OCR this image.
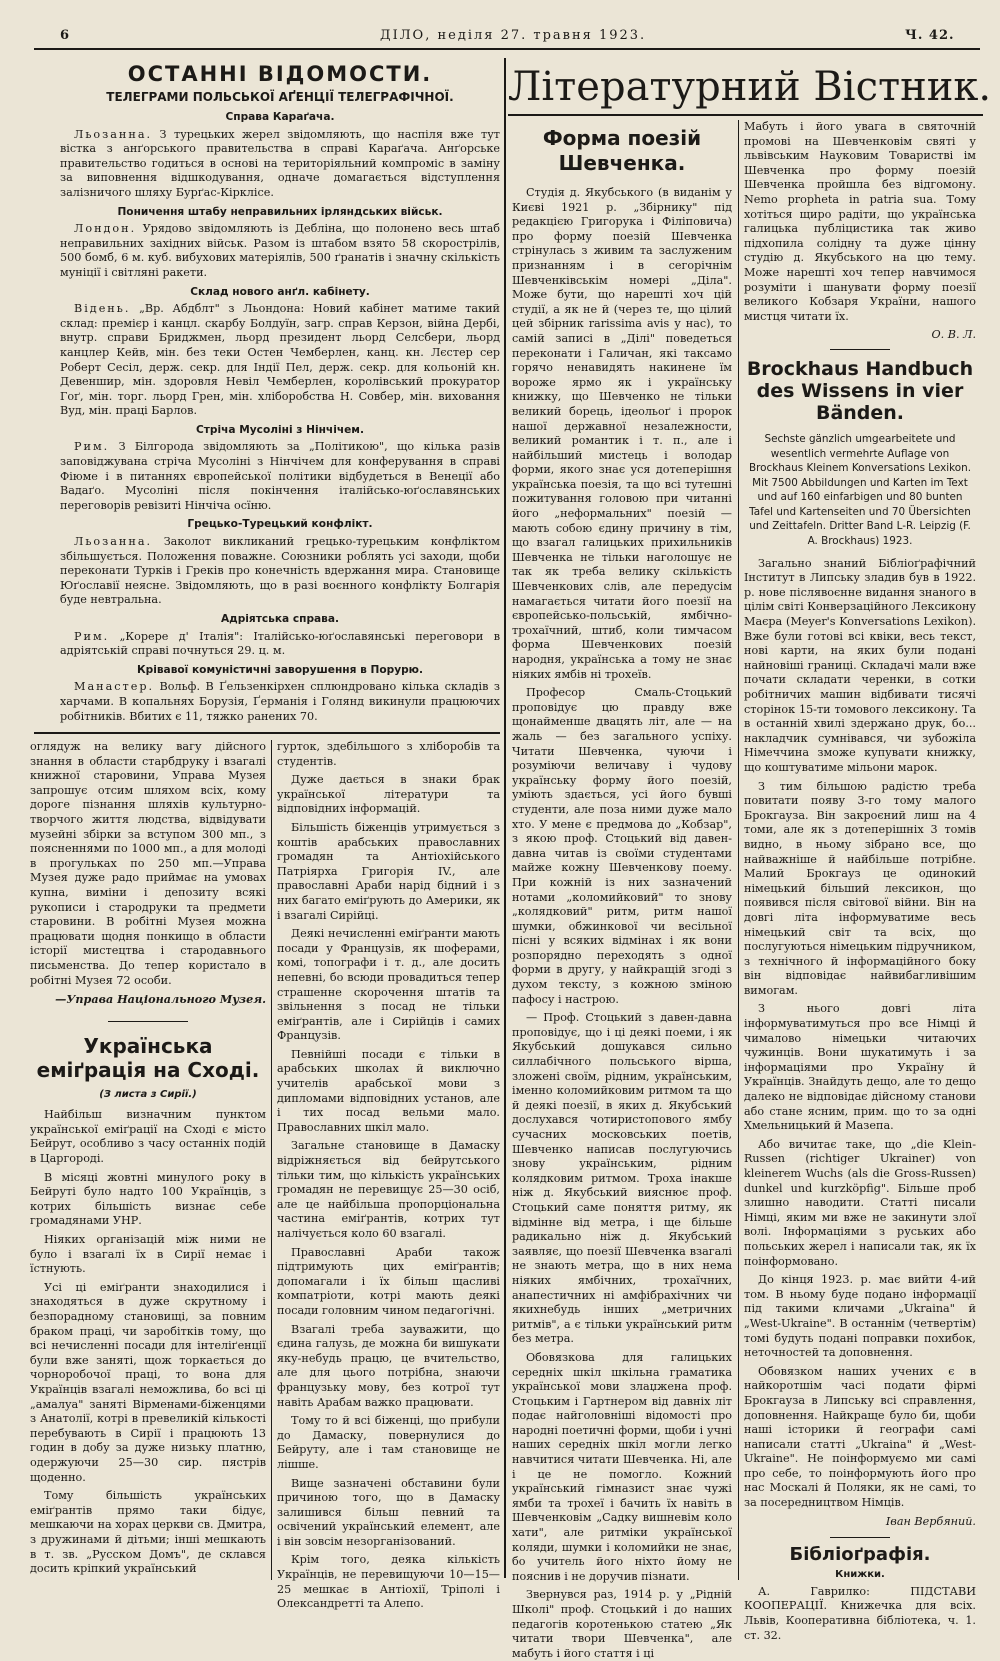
6	ДІЛО, неділя 27. травня 1923.	Ч. 42.
ОСТАННІ ВІДОМОСТИ.
ТЕЛЕГРАМИ ПОЛЬСЬКОЇ АҐЕНЦІЇ ТЕЛЕГРАФІЧНОЇ.
Справа Караґача.

Льозанна. З турецьких жерел звідомляють, що наспіля вже тут вістка з анґорського правительства в справі Караґача. Анґорське правительство годиться в основі на територіяльний компроміс в заміну за виповнення відшкодування, одначе домагається відступлення залізничого шляху Бурґас-Кірклісе.

Поничення штабу неправильних ірляндських військ.

Лондон. Урядово звідомляють із Дебліна, що полонено весь штаб неправильних західних військ. Разом із штабом взято 58 скорострілів, 500 бомб, 6 м. куб. вибухових матеріялів, 500 ґранатів і значну скількість муніції і світляні ракети.

Склад нового анґл. кабінету.

Відень. „Вр. Абдблт" з Льондона: Новий кабінет матиме такий склад: премієр і канцл. скарбу Болдуїн, загр. справ Керзон, війна Дербі, внутр. справи Бриджмен, льорд президент льорд Селсбери, льорд канцлер Кейв, мін. без теки Остен Чемберлен, канц. кн. Лєстер сер Роберт Сесіл, держ. секр. для Індії Пел, держ. секр. для кольоній кн. Девеншир, мін. здоровля Невіл Чемберлен, королівський прокуратор Гоґ, мін. торг. льорд Грен, мін. хліборобства Н. Совбер, мін. виховання Вуд, мін. праці Барлов.

Стріча Мусоліні з Нінчічем.

Рим. З Білгорода звідомляють за „Політикою", що кілька разів заповіджувана стріча Мусоліні з Нінчічем для конферування в справі Фіюме і в питаннях європейської політики відбудеться в Венеції або Вадаґо. Мусоліні після покінчення італійсько-юґославянських переговорів ревізиті Нінчіча осїню.

Грецько-Турецький конфлікт.

Льозанна. Заколот викликаний грецько-турецьким конфліктом збільшується. Положення поважне. Союзники роблять усі заходи, щоби переконати Турків і Греків про конечність вдержання мира. Становище Юґославії неясне. Звідомляють, що в разі воєнного конфлікту Болгарія буде невтральна.

Адріятська справа.

Рим. „Корере д' Італія": Італійсько-юґославянські переговори в адріятській справі почнуться 29. ц. м.

Крівавої комуністичні заворушення в Порурю.

Манастер. Вольф. В Ґельзенкірхен сплюндровано кілька складів з харчами. В копальнях Борузія, Ґерманія і Голянд викинули працюючих робітників. Вбитих є 11, тяжко ранених 70.

оглядуж на велику вагу дійсного знання в области старбдруку і взагалі книжної старовини, Управа Музея запрошує отсим шляхом всіх, кому дороге пізнання шляхів культурно-творчого життя людства, відвідувати музейні збірки за вступом 300 мп., з поясненнями по 1000 мп., а для молоді в прогульках по 250 мп.—Управа Музея дуже радо приймає на умовах купна, виміни і депозиту всякі рукописи і стародруки та предмети старовини. В робітні Музея можна працювати щодня понкищо в области історії мистецтва і стародавнього письменства. До тепер користало в робітні Музея 72 особи.

—Управа Національного Музея.
Українська еміґрація на Сході.
(З листа з Сирії.)

Найбільш визначним пунктом української еміґрації на Сході є місто Бейрут, особливо з часу останніх подій в Царгороді.

В місяці жовтні минулого року в Бейруті було надто 100 Українців, з котрих більшість визнає себе громадянами УНР.

Ніяких організацій між ними не було і взагалі їх в Сирії немає і їстнують.

Усі ці еміґранти знаходилися і знаходяться в дуже скрутному і безпорадному становищі, за повним браком праці, чи заробітків тому, що всі нечисленні посади для інтеліґенції були вже заняті, щож торкається до чорноробочої праці, то вона для Українців взагалі неможлива, бо всі ці „амалуа" заняті Вірменами-біженцями з Анатолії, котрі в превеликій кількості перебувають в Сирії і працюють 13 годин в добу за дуже низьку платню, одержуючи 25—30 сир. пястрів щоденно.

Тому більшість українських еміґрантів прямо таки бідує, мешкаючи на хорах церкви св. Дмитра, з дружинами й дітьми; інші мешкають в т. зв. „Русском Домъ", де склався досить кріпкий український

гурток, здебільшого з хліборобів та студентів.

Дуже дається в знаки брак української літератури та відповідних інформацій.

Більшість біженців утримується з коштів арабських православних громадян та Антіохійського Патріярха Григорія IV., але православні Араби нарід бідний і з них багато еміґрують до Америки, як і взагалі Сирійці.

Деякі нечисленні еміґранти мають посади у Французів, як шоферами, комі, топографи і т. д., але досить непевні, бо всюди провадиться тепер страшенне скорочення штатів та звільнення з посад не тільки еміґрантів, але і Сирійців і самих Французів.

Певнійші посади є тільки в арабських школах й виключно учителів арабської мови з дипломами відповідних установ, але і тих посад вельми мало. Православних шкіл мало.

Загальне становище в Дамаску відріжняється від бейрутського тільки тим, що кількість українських громадян не перевищує 25—30 осіб, але це найбільша пропорціональна частина еміґрантів, котрих тут налічується коло 60 взагалі.

Православні Араби також підтримують цих еміґрантів; допомагали і їх більш щасливі компатріоти, котрі мають деякі посади головним чином педагогічні.

Взагалі треба зауважити, що єдина галузь, де можна би вишукати яку-небудь працю, це вчительство, але для цього потрібна, знаючи французьку мову, без котрої тут навіть Арабам важко працювати.

Тому то й всі біженці, що прибули до Дамаску, повернулися до Бейруту, але і там становище не лішше.

Вище зазначені обставини були причиною того, що в Дамаску залишився більш певний та освічений український елемент, але і він зовсім незорганізований.

Крім того, деяка кількість Українців, не перевищуючи 10—15—25 мешкає в Антіохії, Тріполі і Олександретті та Алепо.

Літературний Вістник.
Форма поезій Шевченка.

Студія д. Якубського (в виданім у Києві 1921 р. „Збірнику" під редакцією Григорука і Філіповича) про форму поезій Шевченка стрінулась з живим та заслуженим признанням і в сегорічнім Шевченківськім номері „Діла". Може бути, що нарешті хоч цій студії, а як не й (через те, що цілий цей збірник rarissima avis у нас), то самій записі в „Ділі" поведеться переконати і Галичан, які таксамо горячо ненавидять накинене їм вороже ярмо як і українську книжку, що Шевченко не тільки великий борець, ідеольоґ і пророк нашої державної незалежности, великий романтик і т. п., але і найбільший мистець і володар форми, якого знає уся дотеперішня українська поезія, та що всі тутешні пожитування головою при читанні його „неформальних" поезій — мають собою єдину причину в тім, що взагал галицьких прихильників Шевченка не тільки наголошує не так як треба велику скількість Шевченкових слів, але передусім намагається читати його поезії на європейсько-польській, ямбічно-трохаїчний, штиб, коли тимчасом форма Шевченкових поезій народня, українська а тому не знає ніяких ямбів ні трохеїв.

Професор Смаль-Стоцький проповідує цю правду вже щонайменше двацять літ, але — на жаль — без загального успіху. Читати Шевченка, чуючи і розуміючи величаву і чудову українську форму його поезій, уміють здається, усі його бувші студенти, але поза ними дуже мало хто. У мене є предмова до „Кобзар", з якою проф. Стоцький від давен-давна читав із своїми студентами майже кожну Шевченкову поему. При кожній із них зазначений нотами „коломийковий" то знову „колядковий" ритм, ритм нашої шумки, обжинкової чи весільної пісні у всяких відмінах і як вони розпорядно переходять з одної форми в другу, у найкращій згоді з духом тексту, з кожною зміною пафосу і настрою.

— Проф. Стоцький з давен-давна проповідує, що і ці деякі поеми, і як Якубський дошукався сильно силлабічного польського вірша, зложені своїм, рідним, українським, іменно коломийковим ритмом та що й деякі поезії, в яких д. Якубський дослухався чотиристопового ямбу сучасних московських поетів, Шевченко написав послугуючись знову українським, рідним колядковим ритмом. Троха інакше ніж д. Якубський вияснює проф. Стоцький саме поняття ритму, як відмінне від метра, і ще більше радикально ніж д. Якубський заявляє, що поезії Шевченка взагалі не знають метра, що в них нема ніяких ямбічних, трохаїчних, анапестичних ні амфібрахічних чи якихнебудь інших „метричних ритмів", а є тільки український ритм без метра.

Обовязкова для галицьких середніх шкіл шкільна граматика української мови злаџжена проф. Стоцьким і Гартнером від давніх літ подає найголовніші відомості про народні поетичні форми, щоби і учні наших середніх шкіл могли легко навчитися читати Шевченка. Ні, але і це не помогло. Кожний український гімназист знає чужі ямби та трохеї і бачить їх навіть в Шевченковім „Садку вишневім коло хати", але ритміки української коляди, шумки і коломийки не знає, бо учитель його ніхто йому не пояснив і не доручив пізнати.

Звернувся раз, 1914 р. у „Рідній Школі" проф. Стоцький і до наших педагогів коротенькою статею „Як читати твори Шевченка", але мабуть і його стаття і ці

Мабуть і його увага в святочній промові на Шевченковім святі у львівським Науковим Товариствi ім Шевченка про форму поезій Шевченка пройшла без відгомону. Nemo propheta in patria sua. Тому хотіться щиро радіти, що українська галицька публіцистика так живо підхопила солідну та дуже цінну студію д. Якубського на цю тему. Може нарешті хоч тепер навчимося розуміти і шанувати форму поезії великого Кобзаря України, нашого мистця читати їх.

О. В. Л.
Brockhaus Handbuch des Wissens in vier Bänden.

Sechste gänzlich umgearbeitete und wesentlich vermehrte Auflage von Brockhaus Kleinem Konversations Lexikon. Mit 7500 Abbildungen und Karten im Text und auf 160 einfarbigen und 80 bunten Tafel und Kartenseiten und 70 Übersichten und Zeittafeln. Dritter Band L-R. Leipzig (F. A. Brockhaus) 1923.

Загально знаний Бібліоґрафічний Інститут в Липську зладив був в 1922. р. нове післявоєнне видання знаного в цілім світі Конверзаційного Лексикону Маєра (Meyer's Konversations Lexikon). Вже були готові всі квіки, весь текст, нові карти, на яких були подані найновіші границі. Складачі мали вже почати складати черенки, в сотки робітничих машин відбивати тисячі сторінок 15-ти томового лексикону. Та в останній хвилі здержано друк, бо... накладчик сумнівався, чи зубожіла Німеччина зможе купувати книжку, що коштуватиме мільони марок.

З тим більшою радістю треба повитати появу 3-го тому малого Брокгауза. Він закроєний лиш на 4 томи, але як з дотеперішніх 3 томів видно, в ньому зібрано все, що найважніше й найбільше потрібне. Малий Брокгауз це одинокий німецький більший лексикон, що появився після світової війни. Він на довгі літа інформуватиме весь німецький світ та всіх, що послугуються німецьким підручником, з технічного й інформаційного боку він відповідає найвибагливішим вимогам.

З нього довгі літа інформуватимуться про все Німці й чималово німецьки читаючих чужинців. Вони шукатимуть і за інформаціями про Україну й Українців. Знайдуть дещо, але то дещо далеко не відповідає дійсному станови або стане ясним, прим. що то за одні Хмельницький й Мазепа.

Або вичитає таке, що „die Klein-Russen (richtiger Ukrainer) von kleinerem Wuchs (als die Gross-Russen) dunkel und kurzköpfig". Більше проб злишно наводити. Статті писали Німці, яким ми вже не закинути злої волі. Інформаціями з руських або польських жерел і написали так, як їх поінформовано.

До кінця 1923. р. має вийти 4-ий том. В ньому буде подано інформації під такими кличами „Ukraina" й „West-Ukraine". В останнім (четвертім) томі будуть подані поправки похибок, неточностей та доповнення.

Обовязком наших учених є в найкоротшім часі подати фірмі Брокгауза в Липську всі справлення, доповнення. Найкраще було би, щоби наші історики й географи самі написали статті „Ukraina" й „West-Ukraine". Не поінформуємо ми самі про себе, то поінформують його про нас Москалі й Поляки, як не самі, то за посередництвом Німців.

Іван Вербяний.
Бібліоґрафія.
Книжки.

А. Гаврилко: ПІДСТАВИ КООПЕРАЦІЇ. Книжечка для всіх. Львів, Кооперативна бібліотека, ч. 1. ст. 32.
